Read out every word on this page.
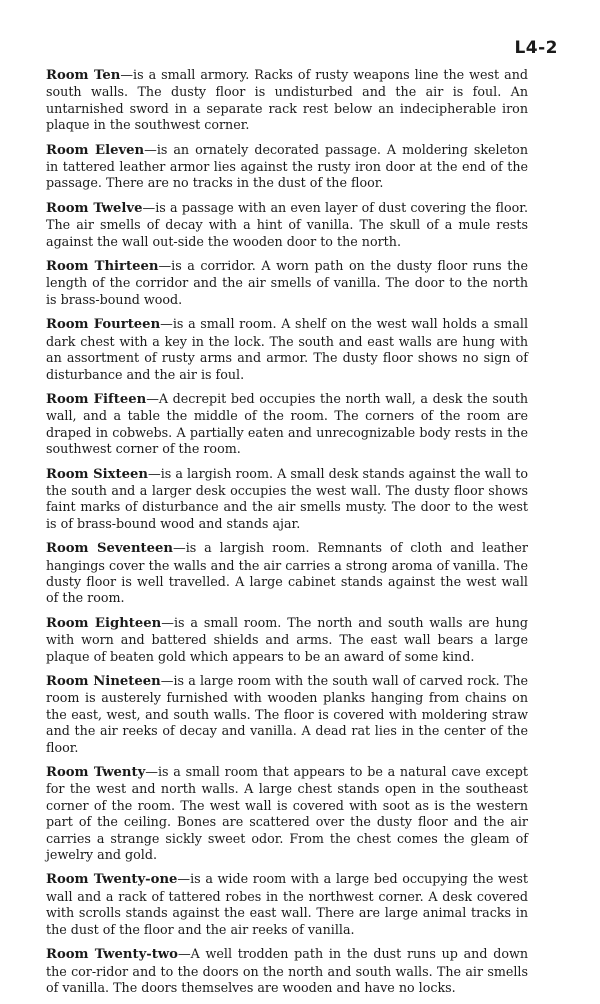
L4-2

Room Ten—is a small armory. Racks of rusty weapons line the west and south walls. The dusty floor is undisturbed and the air is foul. An untarnished sword in a separate rack rest below an indecipherable iron plaque in the southwest corner.

Room Eleven—is an ornately decorated passage. A moldering skeleton in tattered leather armor lies against the rusty iron door at the end of the passage. There are no tracks in the dust of the floor.

Room Twelve—is a passage with an even layer of dust covering the floor. The air smells of decay with a hint of vanilla. The skull of a mule rests against the wall out-side the wooden door to the north.

Room Thirteen—is a corridor. A worn path on the dusty floor runs the length of the corridor and the air smells of vanilla. The door to the north is brass-bound wood.

Room Fourteen—is a small room. A shelf on the west wall holds a small dark chest with a key in the lock. The south and east walls are hung with an assortment of rusty arms and armor. The dusty floor shows no sign of disturbance and the air is foul.

Room Fifteen—A decrepit bed occupies the north wall, a desk the south wall, and a table the middle of the room. The corners of the room are draped in cobwebs. A partially eaten and unrecognizable body rests in the southwest corner of the room.

Room Sixteen—is a largish room. A small desk stands against the wall to the south and a larger desk occupies the west wall. The dusty floor shows faint marks of disturbance and the air smells musty. The door to the west is of brass-bound wood and stands ajar.

Room Seventeen—is a largish room. Remnants of cloth and leather hangings cover the walls and the air carries a strong aroma of vanilla. The dusty floor is well travelled. A large cabinet stands against the west wall of the room.

Room Eighteen—is a small room. The north and south walls are hung with worn and battered shields and arms. The east wall bears a large plaque of beaten gold which appears to be an award of some kind.

Room Nineteen—is a large room with the south wall of carved rock. The room is austerely furnished with wooden planks hanging from chains on the east, west, and south walls. The floor is covered with moldering straw and the air reeks of decay and vanilla. A dead rat lies in the center of the floor.

Room Twenty—is a small room that appears to be a natural cave except for the west and north walls. A large chest stands open in the southeast corner of the room. The west wall is covered with soot as is the western part of the ceiling. Bones are scattered over the dusty floor and the air carries a strange sickly sweet odor. From the chest comes the gleam of jewelry and gold.

Room Twenty-one—is a wide room with a large bed occupying the west wall and a rack of tattered robes in the northwest corner. A desk covered with scrolls stands against the east wall. There are large animal tracks in the dust of the floor and the air reeks of vanilla.

Room Twenty-two—A well trodden path in the dust runs up and down the cor-ridor and to the doors on the north and south walls. The air smells of vanilla. The doors themselves are wooden and have no locks.
